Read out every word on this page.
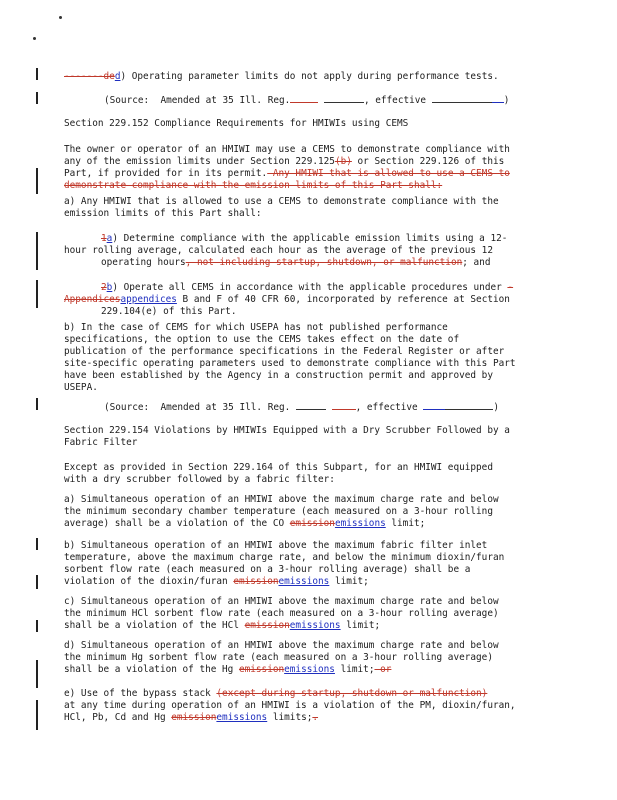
-------ded) Operating parameter limits do not apply during performance tests.
(Source: Amended at 35 Ill. Reg.	, effective	)
Section 229.152 Compliance Requirements for HMIWIs using CEMS
The owner or operator of an HMIWI may use a CEMS to demonstrate compliance with
any of the emission limits under Section 229.125(b) or Section 229.126 of this
Part, if provided for in its permit. Any HMIWI that is allowed to use a CEMS to
demonstrate compliance with the emission limits of this Part shall:
a) Any HMIWI that is allowed to use a CEMS to demonstrate compliance with the
emission limits of this Part shall:
1a) Determine compliance with the applicable emission limits using a 12-
hour rolling average, calculated each hour as the average of the previous 12
operating hours, not including startup, shutdown, or malfunction; and
2b) Operate all CEMS in accordance with the applicable procedures under -
Appendicesappendices B and F of 40 CFR 60, incorporated by reference at Section
229.104(e) of this Part.
b) In the case of CEMS for which USEPA has not published performance
specifications, the option to use the CEMS takes effect on the date of
publication of the performance specifications in the Federal Register or after
site-specific operating parameters used to demonstrate compliance with this Part
have been established by the Agency in a construction permit and approved by
USEPA.
(Source: Amended at 35 Ill. Reg.	, effective	)
Section 229.154 Violations by HMIWIs Equipped with a Dry Scrubber Followed by a
Fabric Filter
Except as provided in Section 229.164 of this Subpart, for an HMIWI equipped
with a dry scrubber followed by a fabric filter:
a) Simultaneous operation of an HMIWI above the maximum charge rate and below
the minimum secondary chamber temperature (each measured on a 3-hour rolling
average) shall be a violation of the CO emissionemissions limit;
b) Simultaneous operation of an HMIWI above the maximum fabric filter inlet
temperature, above the maximum charge rate, and below the minimum dioxin/furan
sorbent flow rate (each measured on a 3-hour rolling average) shall be a
violation of the dioxin/furan emissionemissions limit;
c) Simultaneous operation of an HMIWI above the maximum charge rate and below
the minimum HCl sorbent flow rate (each measured on a 3-hour rolling average)
shall be a violation of the HCl emissionemissions limit;
d) Simultaneous operation of an HMIWI above the maximum charge rate and below
the minimum Hg sorbent flow rate (each measured on a 3-hour rolling average)
shall be a violation of the Hg emissionemissions limit; or
e) Use of the bypass stack (except during startup, shutdown or malfunction)
at any time during operation of an HMIWI is a violation of the PM, dioxin/furan,
HCl, Pb, Cd and Hg emissionemissions limits;.
